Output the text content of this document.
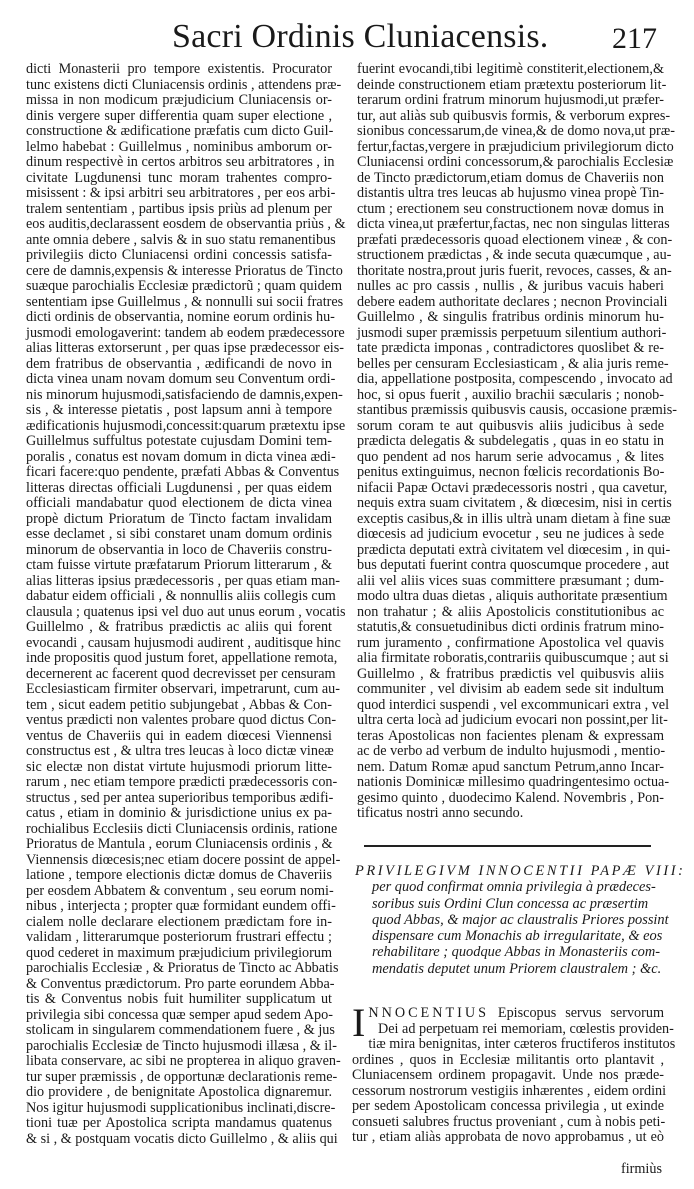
Sacri Ordinis Cluniacensis. 217
dicti Monasterii pro tempore existentis. Procurator
tunc existens dicti Cluniacensis ordinis , attendens præ-
missa in non modicum præjudicium Cluniacensis or-
dinis vergere super differentia quam super electione ,
constructione & ædificatione præfatis cum dicto Guil-
lelmo habebat : Guillelmus , nominibus amborum or-
dinum respectivè in certos arbitros seu arbitratores , in
civitate Lugdunensi tunc moram trahentes compro-
misissent : & ipsi arbitri seu arbitratores , per eos arbi-
tralem sententiam , partibus ipsis priùs ad plenum per
eos auditis,declarassent eosdem de observantia priùs , &
ante omnia debere , salvis & in suo statu remanentibus
privilegiis dicto Cluniacensi ordini concessis satisfa-
cere de damnis,expensis & interesse Prioratus de Tincto
suæque parochialis Ecclesiæ prædictorũ ; quam quidem
sententiam ipse Guillelmus , & nonnulli sui socii fratres
dicti ordinis de observantia, nomine eorum ordinis hu-
jusmodi emologaverint: tandem ab eodem prædecessore
alias litteras extorserunt , per quas ipse prædecessor eis-
dem fratribus de observantia , ædificandi de novo in
dicta vinea unam novam domum seu Conventum ordi-
nis minorum hujusmodi,satisfaciendo de damnis,expen-
sis , & interesse pietatis , post lapsum anni à tempore
ædificationis hujusmodi,concessit:quarum prætextu ipse
Guillelmus suffultus potestate cujusdam Domini tem-
poralis , conatus est novam domum in dicta vinea ædi-
ficari facere:quo pendente, præfati Abbas & Conventus
litteras directas officiali Lugdunensi , per quas eidem
officiali mandabatur quod electionem de dicta vinea
propè dictum Prioratum de Tincto factam invalidam
esse declamet , si sibi constaret unam domum ordinis
minorum de observantia in loco de Chaveriis constru-
ctam fuisse virtute præfatarum Priorum litterarum , &
alias litteras ipsius prædecessoris , per quas etiam man-
dabatur eidem officiali , & nonnullis aliis collegis cum
clausula ; quatenus ipsi vel duo aut unus eorum , vocatis
Guillelmo , & fratribus prædictis ac aliis qui forent
evocandi , causam hujusmodi audirent , auditisque hinc
inde propositis quod justum foret, appellatione remota,
decernerent ac facerent quod decrevisset per censuram
Ecclesiasticam firmiter observari, impetrarunt, cum au-
tem , sicut eadem petitio subjungebat , Abbas & Con-
ventus prædicti non valentes probare quod dictus Con-
ventus de Chaveriis qui in eadem diœcesi Viennensi
constructus est , & ultra tres leucas à loco dictæ vineæ
sic electæ non distat virtute hujusmodi priorum litte-
rarum , nec etiam tempore prædicti prædecessoris con-
structus , sed per antea superioribus temporibus ædifi-
catus , etiam in dominio & jurisdictione unius ex pa-
rochialibus Ecclesiis dicti Cluniacensis ordinis, ratione
Prioratus de Mantula , eorum Cluniacensis ordinis , &
Viennensis diœcesis;nec etiam docere possint de appel-
latione , tempore electionis dictæ domus de Chaveriis
per eosdem Abbatem & conventum , seu eorum nomi-
nibus , interjecta ; propter quæ formidant eundem offi-
cialem nolle declarare electionem prædictam fore in-
validam , litterarumque posteriorum frustrari effectu ;
quod cederet in maximum præjudicium privilegiorum
parochialis Ecclesiæ , & Prioratus de Tincto ac Abbatis
& Conventus prædictorum. Pro parte eorundem Abba-
tis & Conventus nobis fuit humiliter supplicatum ut
privilegia sibi concessa quæ semper apud sedem Apo-
stolicam in singularem commendationem fuere , & jus
parochialis Ecclesiæ de Tincto hujusmodi illæsa , & il-
libata conservare, ac sibi ne propterea in aliquo graven-
tur super præmissis , de opportunæ declarationis reme-
dio providere , de benignitate Apostolica dignaremur.
Nos igitur hujusmodi supplicationibus inclinati,discre-
tioni tuæ per Apostolica scripta mandamus quatenus
& si , & postquam vocatis dicto Guillelmo , & aliis qui
fuerint evocandi,tibi legitimè constiterit,electionem,&
deinde constructionem etiam prætextu posteriorum lit-
terarum ordini fratrum minorum hujusmodi,ut præfer-
tur, aut aliàs sub quibusvis formis, & verborum expres-
sionibus concessarum,de vinea,& de domo nova,ut præ-
fertur,factas,vergere in præjudicium privilegiorum dicto
Cluniacensi ordini concessorum,& parochialis Ecclesiæ
de Tincto prædictorum,etiam domus de Chaveriis non
distantis ultra tres leucas ab hujusmo vinea propè Tin-
ctum ; erectionem seu constructionem novæ domus in
dicta vinea,ut præfertur,factas, nec non singulas litteras
præfati prædecessoris quoad electionem vineæ , & con-
structionem prædictas , & inde secuta quæcumque , au-
thoritate nostra,prout juris fuerit, revoces, casses, & an-
nulles ac pro cassis , nullis , & juribus vacuis haberi
debere eadem authoritate declares ; necnon Provinciali
Guillelmo , & singulis fratribus ordinis minorum hu-
jusmodi super præmissis perpetuum silentium authori-
tate prædicta imponas , contradictores quoslibet & re-
belles per censuram Ecclesiasticam , & alia juris reme-
dia, appellatione postposita, compescendo , invocato ad
hoc, si opus fuerit , auxilio brachii sæcularis ; nonob-
stantibus præmissis quibusvis causis, occasione præmis-
sorum coram te aut quibusvis aliis judicibus à sede
prædicta delegatis & subdelegatis , quas in eo statu in
quo pendent ad nos harum serie advocamus , & lites
penitus extinguimus, necnon fœlicis recordationis Bo-
nifacii Papæ Octavi prædecessoris nostri , qua cavetur,
nequis extra suam civitatem , & diœcesim, nisi in certis
exceptis casibus,& in illis ultrà unam dietam à fine suæ
diœcesis ad judicium evocetur , seu ne judices à sede
prædicta deputati extrà civitatem vel diœcesim , in qui-
bus deputati fuerint contra quoscumque procedere , aut
alii vel aliis vices suas committere præsumant ; dum-
modo ultra duas dietas , aliquis authoritate præsentium
non trahatur ; & aliis Apostolicis constitutionibus ac
statutis,& consuetudinibus dicti ordinis fratrum mino-
rum juramento , confirmatione Apostolica vel quavis
alia firmitate roboratis,contrariis quibuscumque ; aut si
Guillelmo , & fratribus prædictis vel quibusvis aliis
communiter , vel divisim ab eadem sede sit indultum
quod interdici suspendi , vel excommunicari extra , vel
ultra certa locà ad judicium evocari non possint,per lit-
teras Apostolicas non facientes plenam & expressam
ac de verbo ad verbum de indulto hujusmodi , mentio-
nem. Datum Romæ apud sanctum Petrum,anno Incar-
nationis Dominicæ millesimo quadringentesimo octua-
gesimo quinto , duodecimo Kalend. Novembris , Pon-
tificatus nostri anno secundo.
PRIVILEGIVM INNOCENTII PAPÆ VIII:
per quod confirmat omnia privilegia à prædeces-
soribus suis Ordini Clun concessa ac præsertim
quod Abbas, & major ac claustralis Priores possint
dispensare cum Monachis ab irregularitate, & eos
rehabilitare ; quodque Abbas in Monasteriis com-
mendatis deputet unum Priorem claustralem ; &c.
INNOCENTIUS Episcopus servus servorum
Dei ad perpetuam rei memoriam, cœlestis providen-
tiæ mira benignitas, inter cæteros fructiferos institutos
ordines , quos in Ecclesiæ militantis orto plantavit ,
Cluniacensem ordinem propagavit. Unde nos præde-
cessorum nostrorum vestigiis inhærentes , eidem ordini
per sedem Apostolicam concessa privilegia , ut exinde
consueti salubres fructus proveniant , cum à nobis peti-
tur , etiam aliàs approbata de novo approbamus , ut eò
firmiùs
